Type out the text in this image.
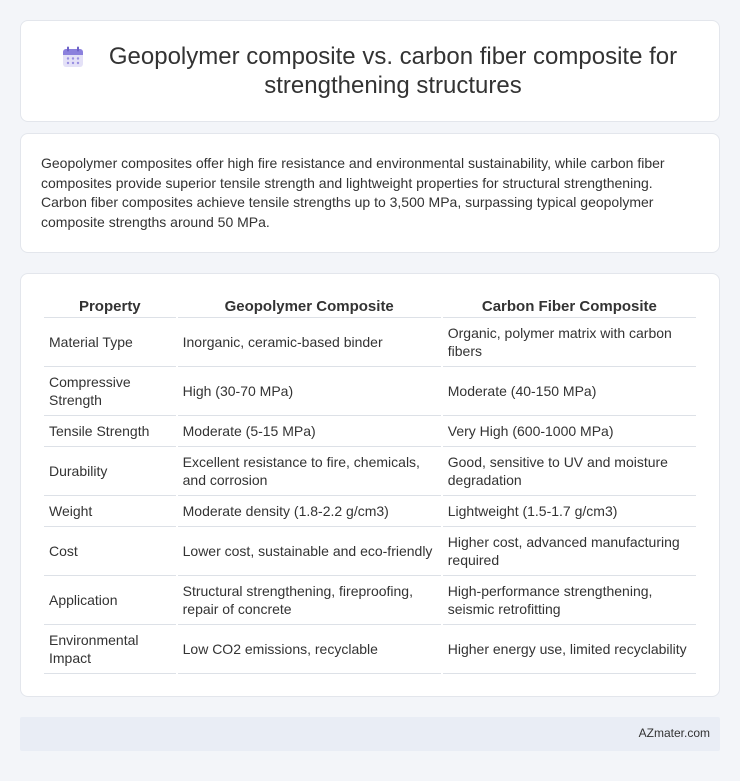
Geopolymer composite vs. carbon fiber composite for strengthening structures

Geopolymer composites offer high fire resistance and environmental sustainability, while carbon fiber composites provide superior tensile strength and lightweight properties for structural strengthening. Carbon fiber composites achieve tensile strengths up to 3,500 MPa, surpassing typical geopolymer composite strengths around 50 MPa.

Property	Geopolymer Composite	Carbon Fiber Composite
Material Type	Inorganic, ceramic-based binder	Organic, polymer matrix with carbon fibers
Compressive Strength	High (30-70 MPa)	Moderate (40-150 MPa)
Tensile Strength	Moderate (5-15 MPa)	Very High (600-1000 MPa)
Durability	Excellent resistance to fire, chemicals, and corrosion	Good, sensitive to UV and moisture degradation
Weight	Moderate density (1.8-2.2 g/cm3)	Lightweight (1.5-1.7 g/cm3)
Cost	Lower cost, sustainable and eco-friendly	Higher cost, advanced manufacturing required
Application	Structural strengthening, fireproofing, repair of concrete	High-performance strengthening, seismic retrofitting
Environmental Impact	Low CO2 emissions, recyclable	Higher energy use, limited recyclability
AZmater.com
